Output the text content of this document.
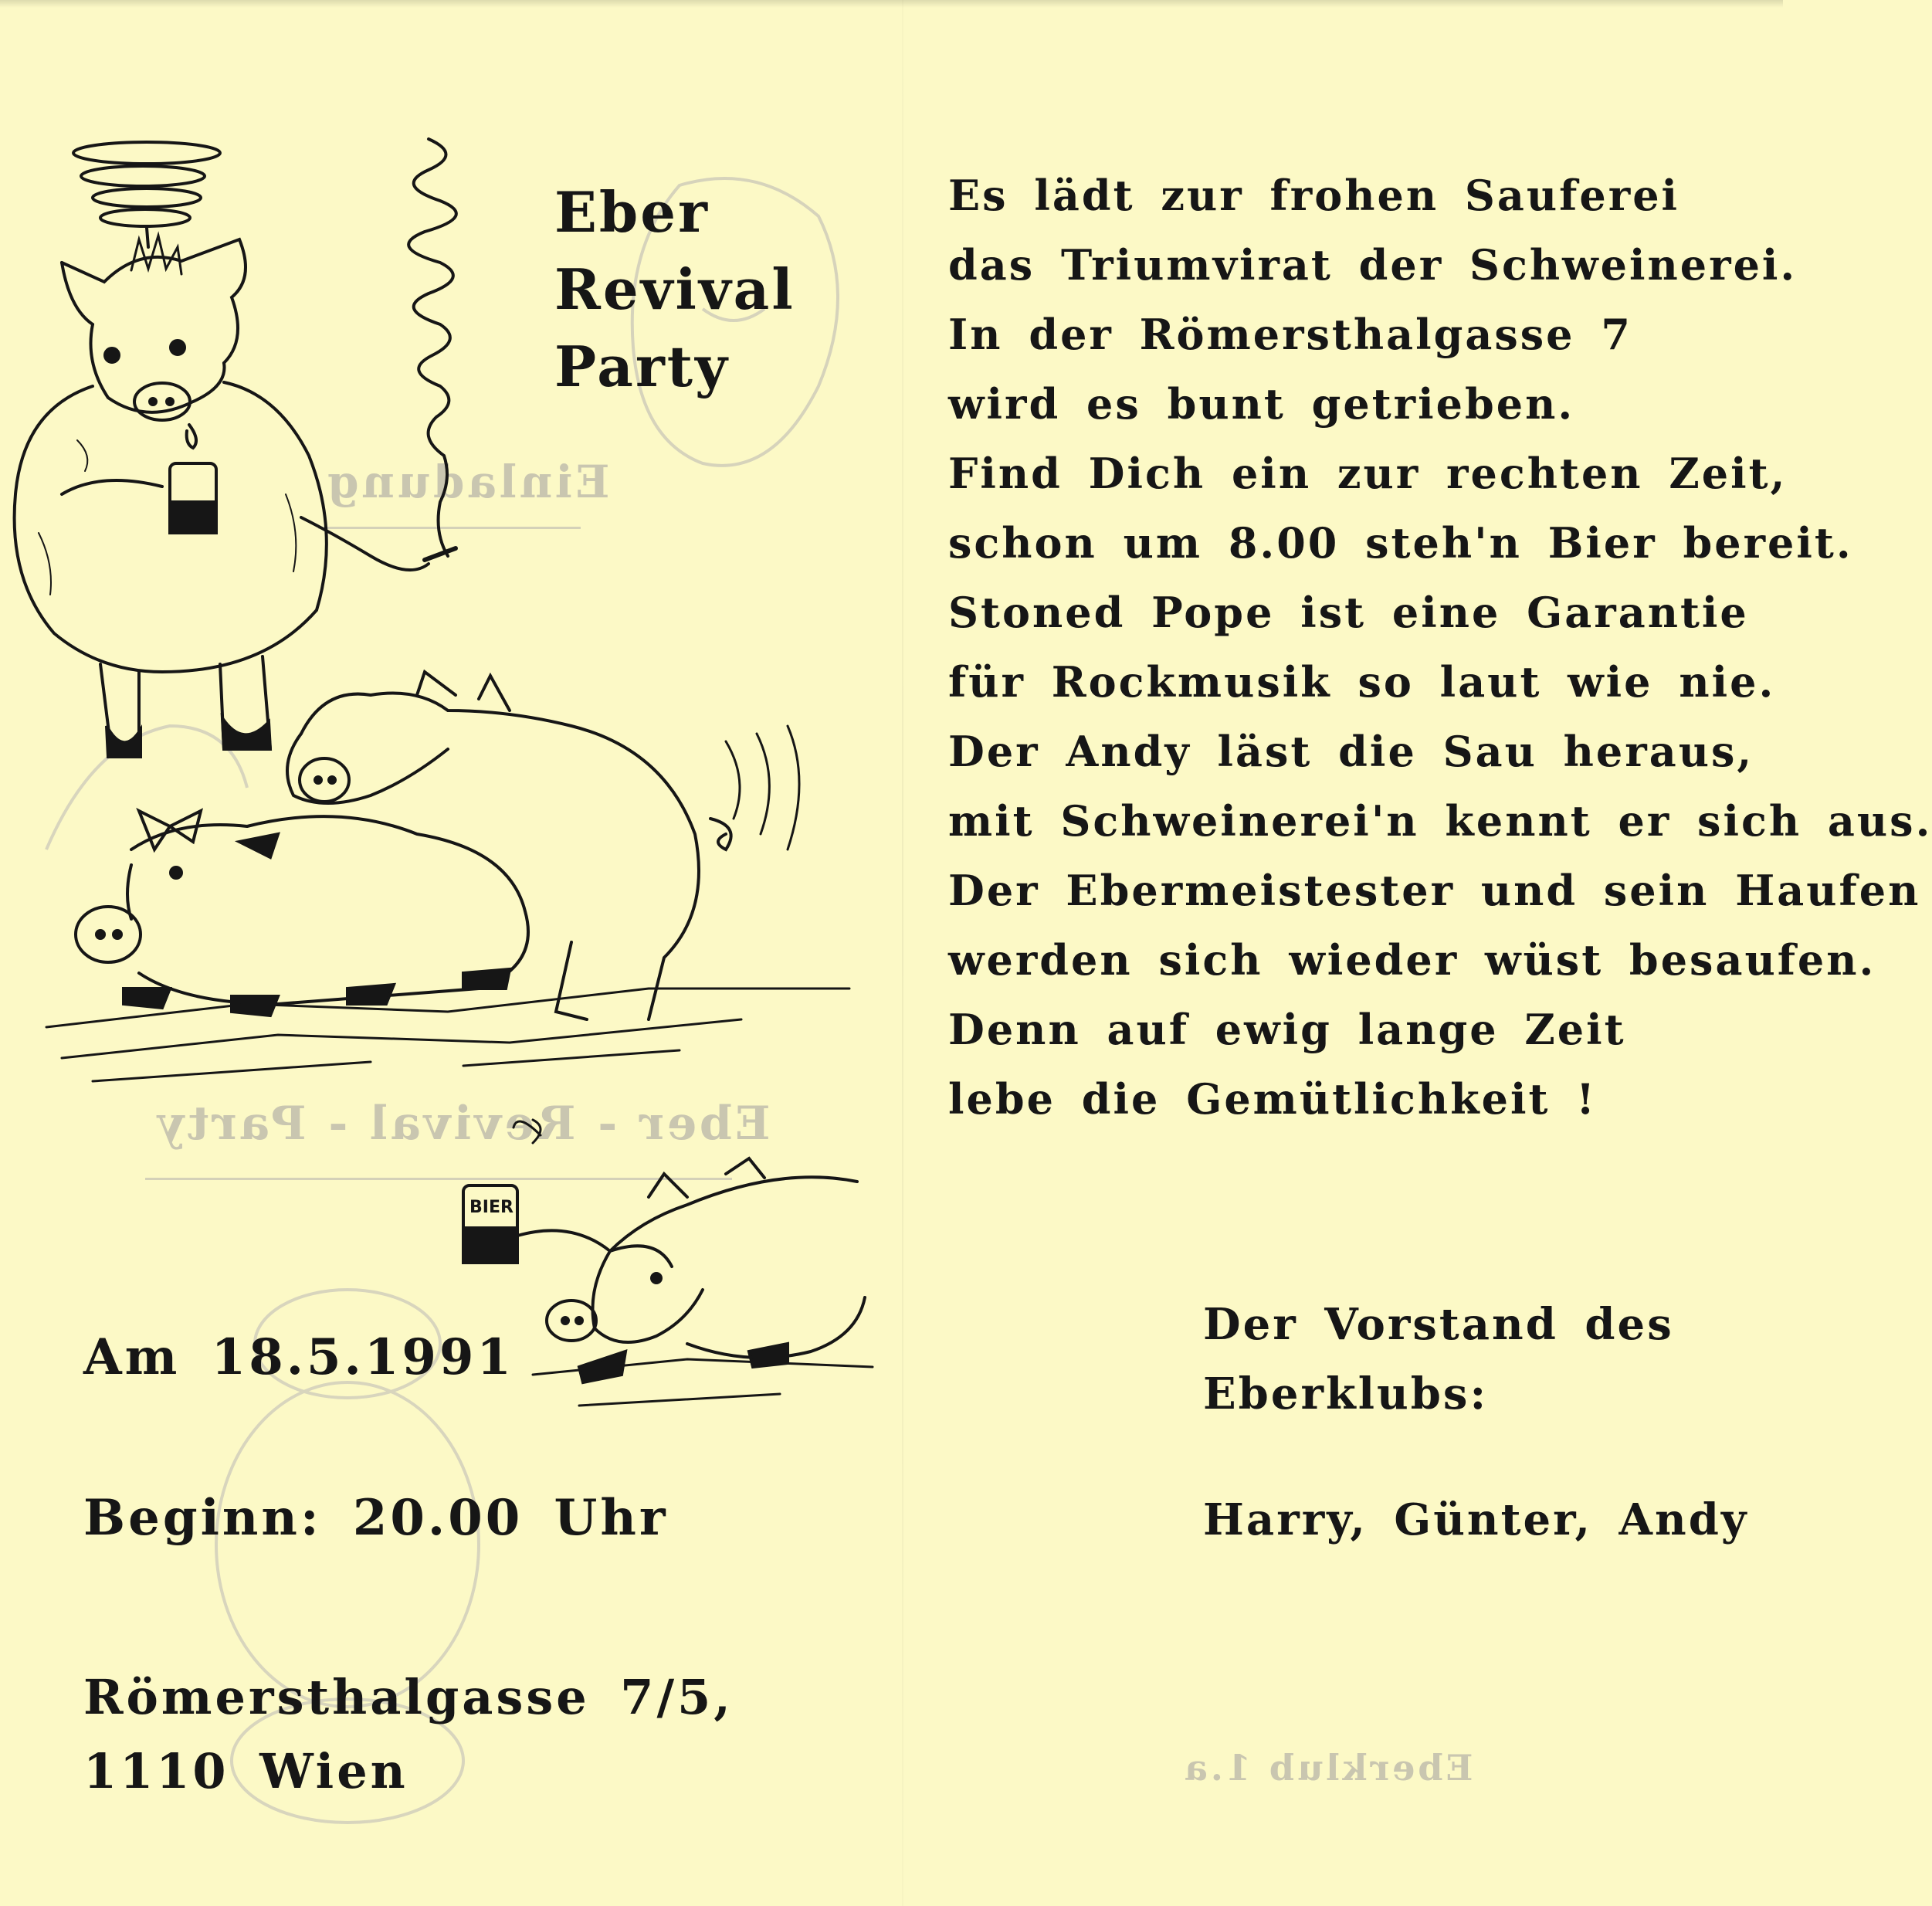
Einladung
Eber - Revival - Party
Eberklub 1.a
Eber
Revival
Party
BIER
Es lädt zur frohen Sauferei
das Triumvirat der Schweinerei.
In der Römersthalgasse 7
wird es bunt getrieben.
Find Dich ein zur rechten Zeit,
schon um 8.00 steh'n Bier bereit.
Stoned Pope ist eine Garantie
für Rockmusik so laut wie nie.
Der Andy läst die Sau heraus,
mit Schweinerei'n kennt er sich aus.
Der Ebermeistester und sein Haufen
werden sich wieder wüst besaufen.
Denn auf ewig lange Zeit
lebe die Gemütlichkeit !
Am 18.5.1991
Beginn: 20.00 Uhr
Römersthalgasse 7/5,
1110 Wien
Der Vorstand des
Eberklubs:
Harry, Günter, Andy
